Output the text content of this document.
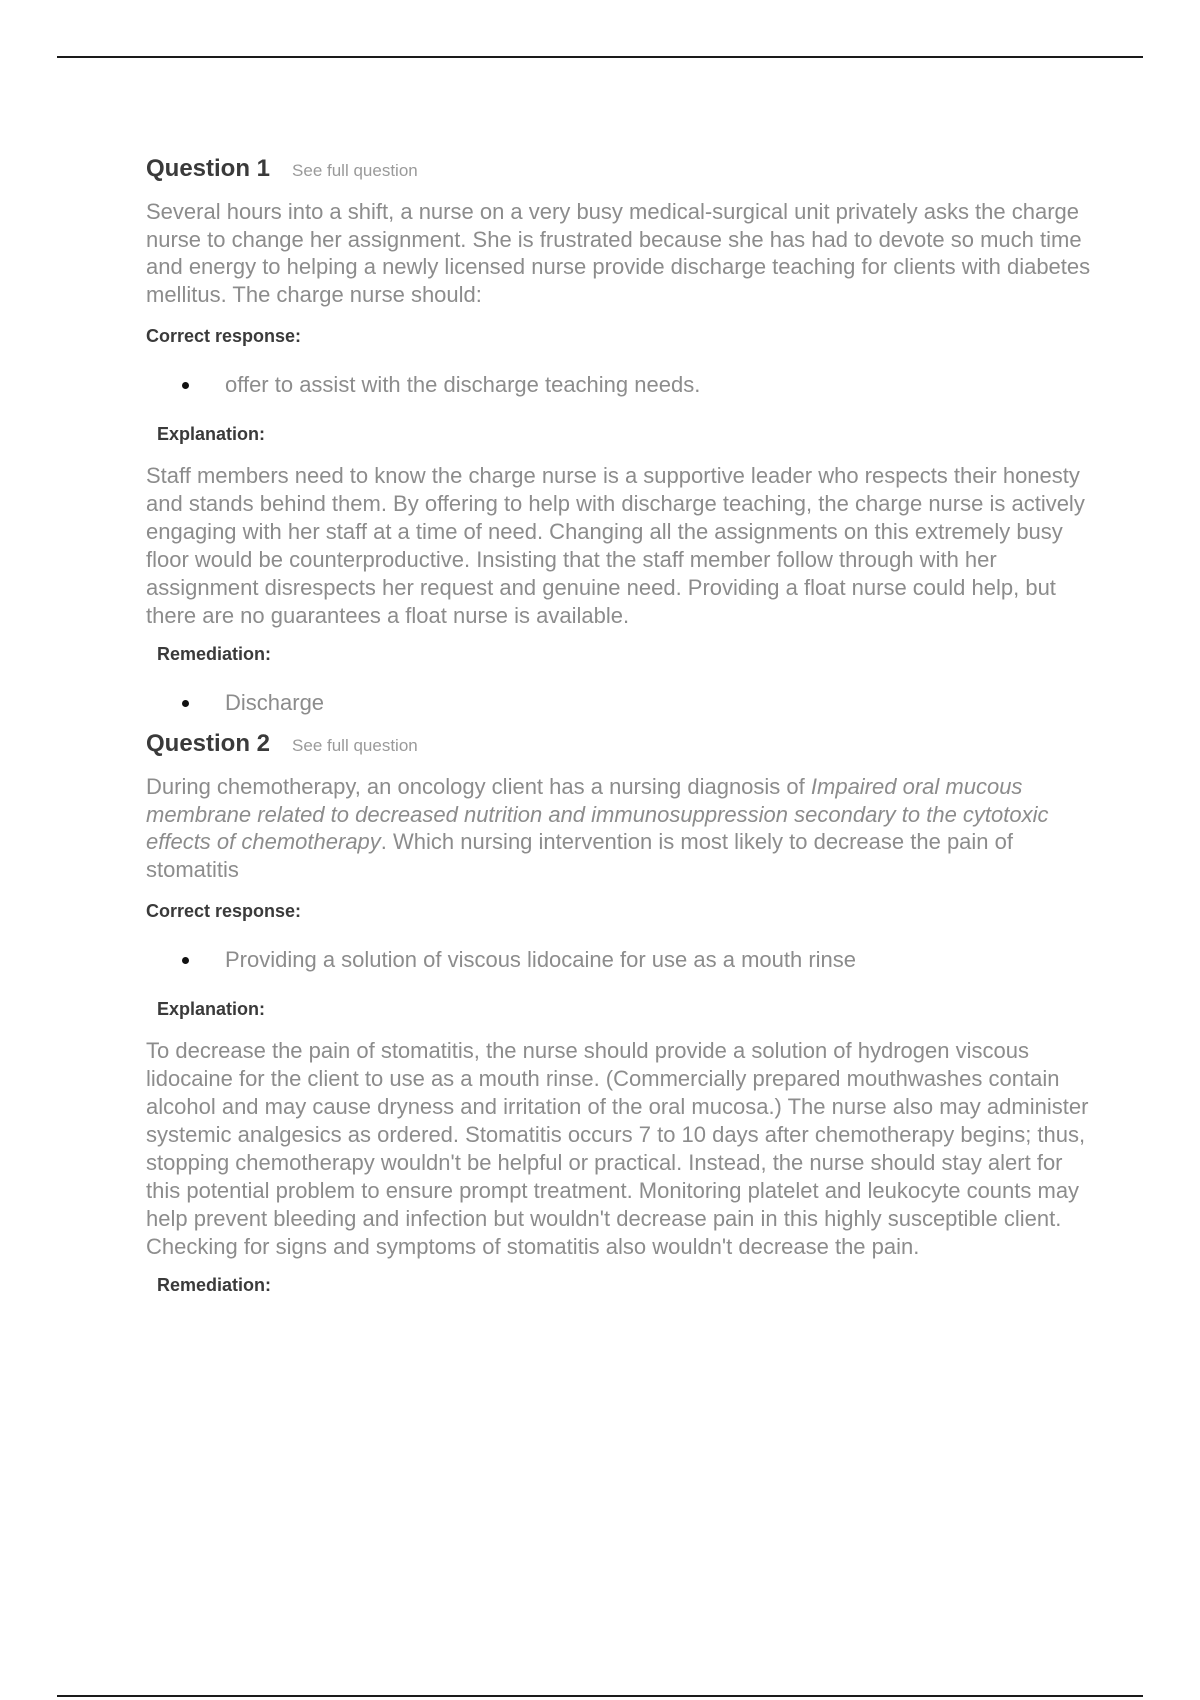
Question 1 See full question

Several hours into a shift, a nurse on a very busy medical-surgical unit privately asks the charge nurse to change her assignment. She is frustrated because she has had to devote so much time and energy to helping a newly licensed nurse provide discharge teaching for clients with diabetes mellitus. The charge nurse should:

Correct response:
offer to assist with the discharge teaching needs.
Explanation:

Staff members need to know the charge nurse is a supportive leader who respects their honesty and stands behind them. By offering to help with discharge teaching, the charge nurse is actively engaging with her staff at a time of need. Changing all the assignments on this extremely busy floor would be counterproductive. Insisting that the staff member follow through with her assignment disrespects her request and genuine need. Providing a float nurse could help, but there are no guarantees a float nurse is available.

Remediation:
Discharge
Question 2 See full question

During chemotherapy, an oncology client has a nursing diagnosis of Impaired oral mucous membrane related to decreased nutrition and immunosuppression secondary to the cytotoxic effects of chemotherapy. Which nursing intervention is most likely to decrease the pain of stomatitis

Correct response:
Providing a solution of viscous lidocaine for use as a mouth rinse
Explanation:

To decrease the pain of stomatitis, the nurse should provide a solution of hydrogen viscous lidocaine for the client to use as a mouth rinse. (Commercially prepared mouthwashes contain alcohol and may cause dryness and irritation of the oral mucosa.) The nurse also may administer systemic analgesics as ordered. Stomatitis occurs 7 to 10 days after chemotherapy begins; thus, stopping chemotherapy wouldn't be helpful or practical. Instead, the nurse should stay alert for this potential problem to ensure prompt treatment. Monitoring platelet and leukocyte counts may help prevent bleeding and infection but wouldn't decrease pain in this highly susceptible client. Checking for signs and symptoms of stomatitis also wouldn't decrease the pain.

Remediation:
